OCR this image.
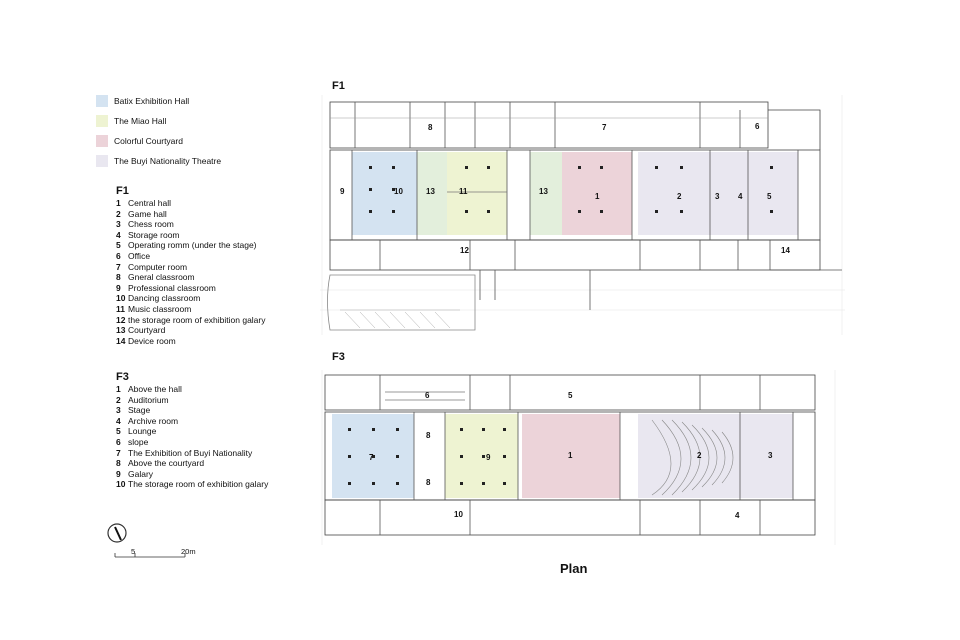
Batix Exhibition Hall
The Miao Hall
Colorful Courtyard
The Buyi Nationality Theatre
F1
1 Central hall
2 Game hall
3 Chess room
4 Storage room
5 Operating romm (under the stage)
6 Office
7 Computer room
8 Gneral classroom
9 Professional classroom
10 Dancing classroom
11 Music classroom
12 the storage room of exhibition galary
13 Courtyard
14 Device room
F3
1 Above the hall
2 Auditorium
3 Stage
4 Archive room
5 Lounge
6 slope
7 The Exhibition of Buyi Nationality
8 Above the courtyard
9 Galary
10 The storage room of exhibition galary
F1
F3
1	2	3 4	5
6
7
8
9	10	11
12
13	13
14
1	2	3
4
5
6
7
8
8
9
10
5	20m
Plan
